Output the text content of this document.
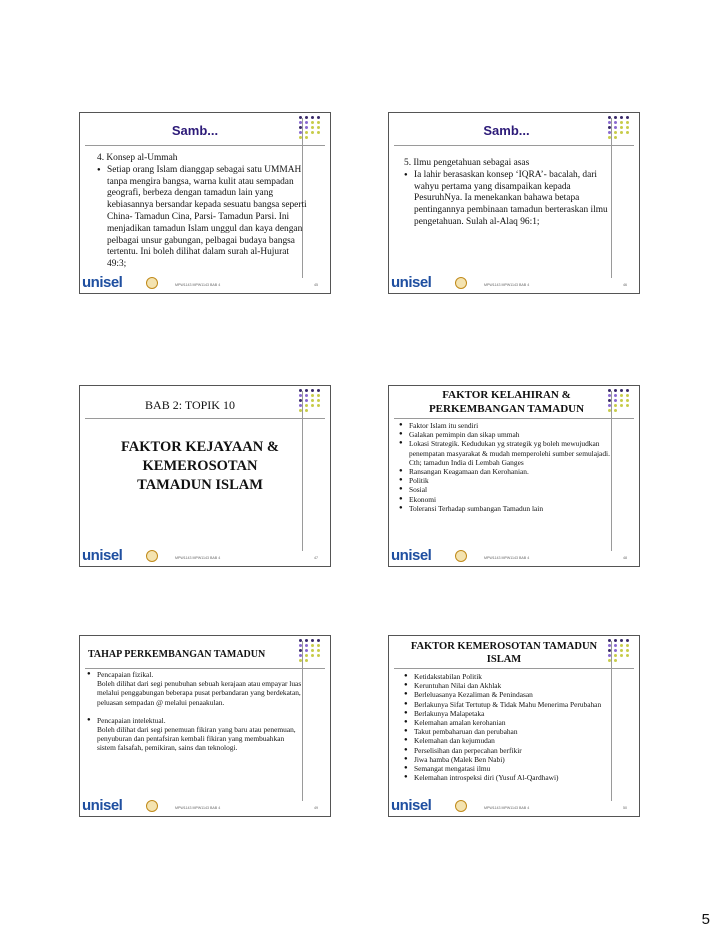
Samb...

4. Konsep al-Ummah

● Setiap orang Islam dianggap sebagai satu UMMAH tanpa mengira bangsa, warna kulit atau sempadan geografi, berbeza dengan tamadun lain yang kebiasannya bersandar kepada sesuatu bangsa seperti China- Tamadun Cina, Parsi- Tamadun Parsi. Ini menjadikan tamadun Islam unggul dan kaya dengan pelbagai unsur gabungan, pelbagai budaya bangsa tertentu. Ini boleh dilihat dalam surah al-Hujurat 49:3;

unisel	MPW1143 MPW1143 BAB 4	45
Samb...

5. Ilmu pengetahuan sebagai asas

● Ia lahir berasaskan konsep ‘IQRA’- bacalah, dari wahyu pertama yang disampaikan kepada PesuruhNya. Ia menekankan bahawa betapa pentingannya pembinaan tamadun berteraskan ilmu pengetahuan. Sulah al-Alaq 96:1;

unisel	MPW1143 MPW1143 BAB 4	46
BAB 2: TOPIK 10
FAKTOR KEJAYAAN & KEMEROSOTAN TAMADUN ISLAM
unisel	MPW1143 MPW1143 BAB 4	47
FAKTOR KELAHIRAN & PERKEMBANGAN TAMADUN

● Faktor Islam itu sendiri

● Galakan pemimpin dan sikap ummah

● Lokasi Strategik. Kedudukan yg strategik yg boleh mewujudkan penempatan masyarakat & mudah memperolehi sumber semulajadi. Cth; tamadun India di Lembah Ganges

● Ransangan Keagamaan dan Kerohanian.

● Politik

● Sosial

● Ekonomi

● Toleransi Terhadap sumbangan Tamadun lain

unisel	MPW1143 MPW1143 BAB 4	48
TAHAP PERKEMBANGAN TAMADUN

● Pencapaian fizikal.

Boleh dilihat dari segi penubuhan sebuah kerajaan atau empayar luas melalui penggabungan beberapa pusat perbandaran yang berdekatan, peluasan sempadan @ melalui penaakulan.

● Pencapaian intelektual.

Boleh dilihat dari segi penemuan fikiran yang baru atau penemuan, penyuburan dan pentafsiran kembali fikiran yang membuahkan sistem falsafah, pemikiran, sains dan teknologi.

unisel	MPW1143 MPW1143 BAB 4	49
FAKTOR KEMEROSOTAN TAMADUN ISLAM

● Ketidakstabilan Politik

● Keruntuhan Nilai dan Akhlak

● Berleluasanya Kezaliman & Penindasan

● Berlakunya Sifat Tertutup & Tidak Mahu Menerima Perubahan

● Berlakunya Malapetaka

● Kelemahan amalan kerohanian

● Takut pembaharuan dan perubahan

● Kelemahan dan kejumudan

● Perselisihan dan perpecahan berfikir

● Jiwa hamba (Malek Ben Nabi)

● Semangat mengatasi ilmu

● Kelemahan introspeksi diri (Yusuf Al-Qardhawi)

unisel	MPW1143 MPW1143 BAB 4	50
5
